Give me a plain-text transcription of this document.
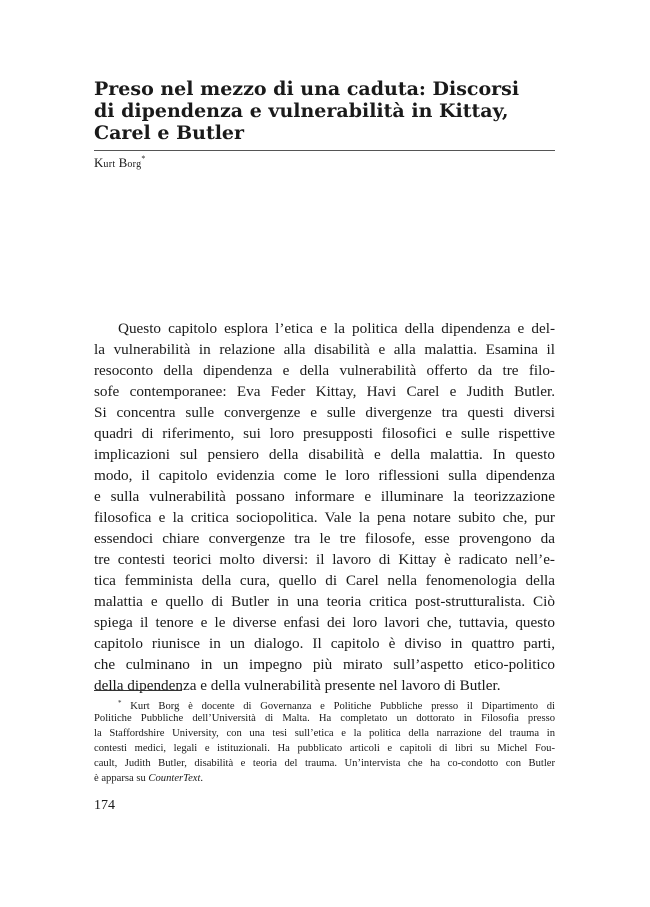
Preso nel mezzo di una caduta: Discorsi
di dipendenza e vulnerabilità in Kittay,
Carel e Butler
Kurt Borg*
Questo capitolo esplora l’etica e la politica della dipendenza e del-
la vulnerabilità in relazione alla disabilità e alla malattia. Esamina il
resoconto della dipendenza e della vulnerabilità offerto da tre filo-
sofe contemporanee: Eva Feder Kittay, Havi Carel e Judith Butler.
Si concentra sulle convergenze e sulle divergenze tra questi diversi
quadri di riferimento, sui loro presupposti filosofici e sulle rispettive
implicazioni sul pensiero della disabilità e della malattia. In questo
modo, il capitolo evidenzia come le loro riflessioni sulla dipendenza
e sulla vulnerabilità possano informare e illuminare la teorizzazione
filosofica e la critica sociopolitica. Vale la pena notare subito che, pur
essendoci chiare convergenze tra le tre filosofe, esse provengono da
tre contesti teorici molto diversi: il lavoro di Kittay è radicato nell’e-
tica femminista della cura, quello di Carel nella fenomenologia della
malattia e quello di Butler in una teoria critica post-strutturalista. Ciò
spiega il tenore e le diverse enfasi dei loro lavori che, tuttavia, questo
capitolo riunisce in un dialogo. Il capitolo è diviso in quattro parti,
che culminano in un impegno più mirato sull’aspetto etico-politico
della dipendenza e della vulnerabilità presente nel lavoro di Butler.
* Kurt Borg è docente di Governanza e Politiche Pubbliche presso il Dipartimento di
Politiche Pubbliche dell’Università di Malta. Ha completato un dottorato in Filosofia presso
la Staffordshire University, con una tesi sull’etica e la politica della narrazione del trauma in
contesti medici, legali e istituzionali. Ha pubblicato articoli e capitoli di libri su Michel Fou-
cault, Judith Butler, disabilità e teoria del trauma. Un’intervista che ha co-condotto con Butler
è apparsa su CounterText.
174
